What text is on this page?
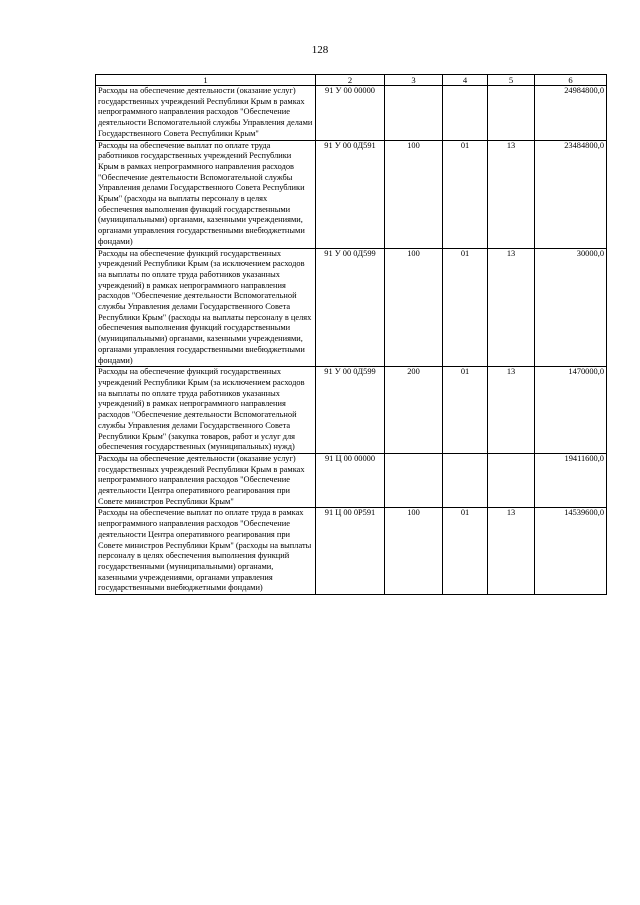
128
1	2	3	4	5	6
Расходы на обеспечение деятельности (оказание услуг) государственных учреждений Республики Крым в рамках непрограммного направления расходов "Обеспечение деятельности Вспомогательной службы Управления делами Государственного Совета Республики Крым"	91 У 00 00000				24984800,0
Расходы на обеспечение выплат по оплате труда работников государственных учреждений Республики Крым в рамках непрограммного направления расходов "Обеспечение деятельности Вспомогательной службы Управления делами Государственного Совета Республики Крым" (расходы на выплаты персоналу в целях обеспечения выполнения функций государственными (муниципальными) органами, казенными учреждениями, органами управления государственными внебюджетными фондами)	91 У 00 0Д591	100	01	13	23484800,0
Расходы на обеспечение функций государственных учреждений Республики Крым (за исключением расходов на выплаты по оплате труда работников указанных учреждений) в рамках непрограммного направления расходов "Обеспечение деятельности Вспомогательной службы Управления делами Государственного Совета Республики Крым" (расходы на выплаты персоналу в целях обеспечения выполнения функций государственными (муниципальными) органами, казенными учреждениями, органами управления государственными внебюджетными фондами)	91 У 00 0Д599	100	01	13	30000,0
Расходы на обеспечение функций государственных учреждений Республики Крым (за исключением расходов на выплаты по оплате труда работников указанных учреждений) в рамках непрограммного направления расходов "Обеспечение деятельности Вспомогательной службы Управления делами Государственного Совета Республики Крым" (закупка товаров, работ и услуг для обеспечения государственных (муниципальных) нужд)	91 У 00 0Д599	200	01	13	1470000,0
Расходы на обеспечение деятельности (оказание услуг) государственных учреждений Республики Крым в рамках непрограммного направления расходов "Обеспечение деятельности Центра оперативного реагирования при Совете министров Республики Крым"	91 Ц 00 00000				19411600,0
Расходы на обеспечение выплат по оплате труда в рамках непрограммного направления расходов "Обеспечение деятельности Центра оперативного реагирования при Совете министров Республики Крым" (расходы на выплаты персоналу в целях обеспечения выполнения функций государственными (муниципальными) органами, казенными учреждениями, органами управления государственными внебюджетными фондами)	91 Ц 00 0Р591	100	01	13	14539600,0
